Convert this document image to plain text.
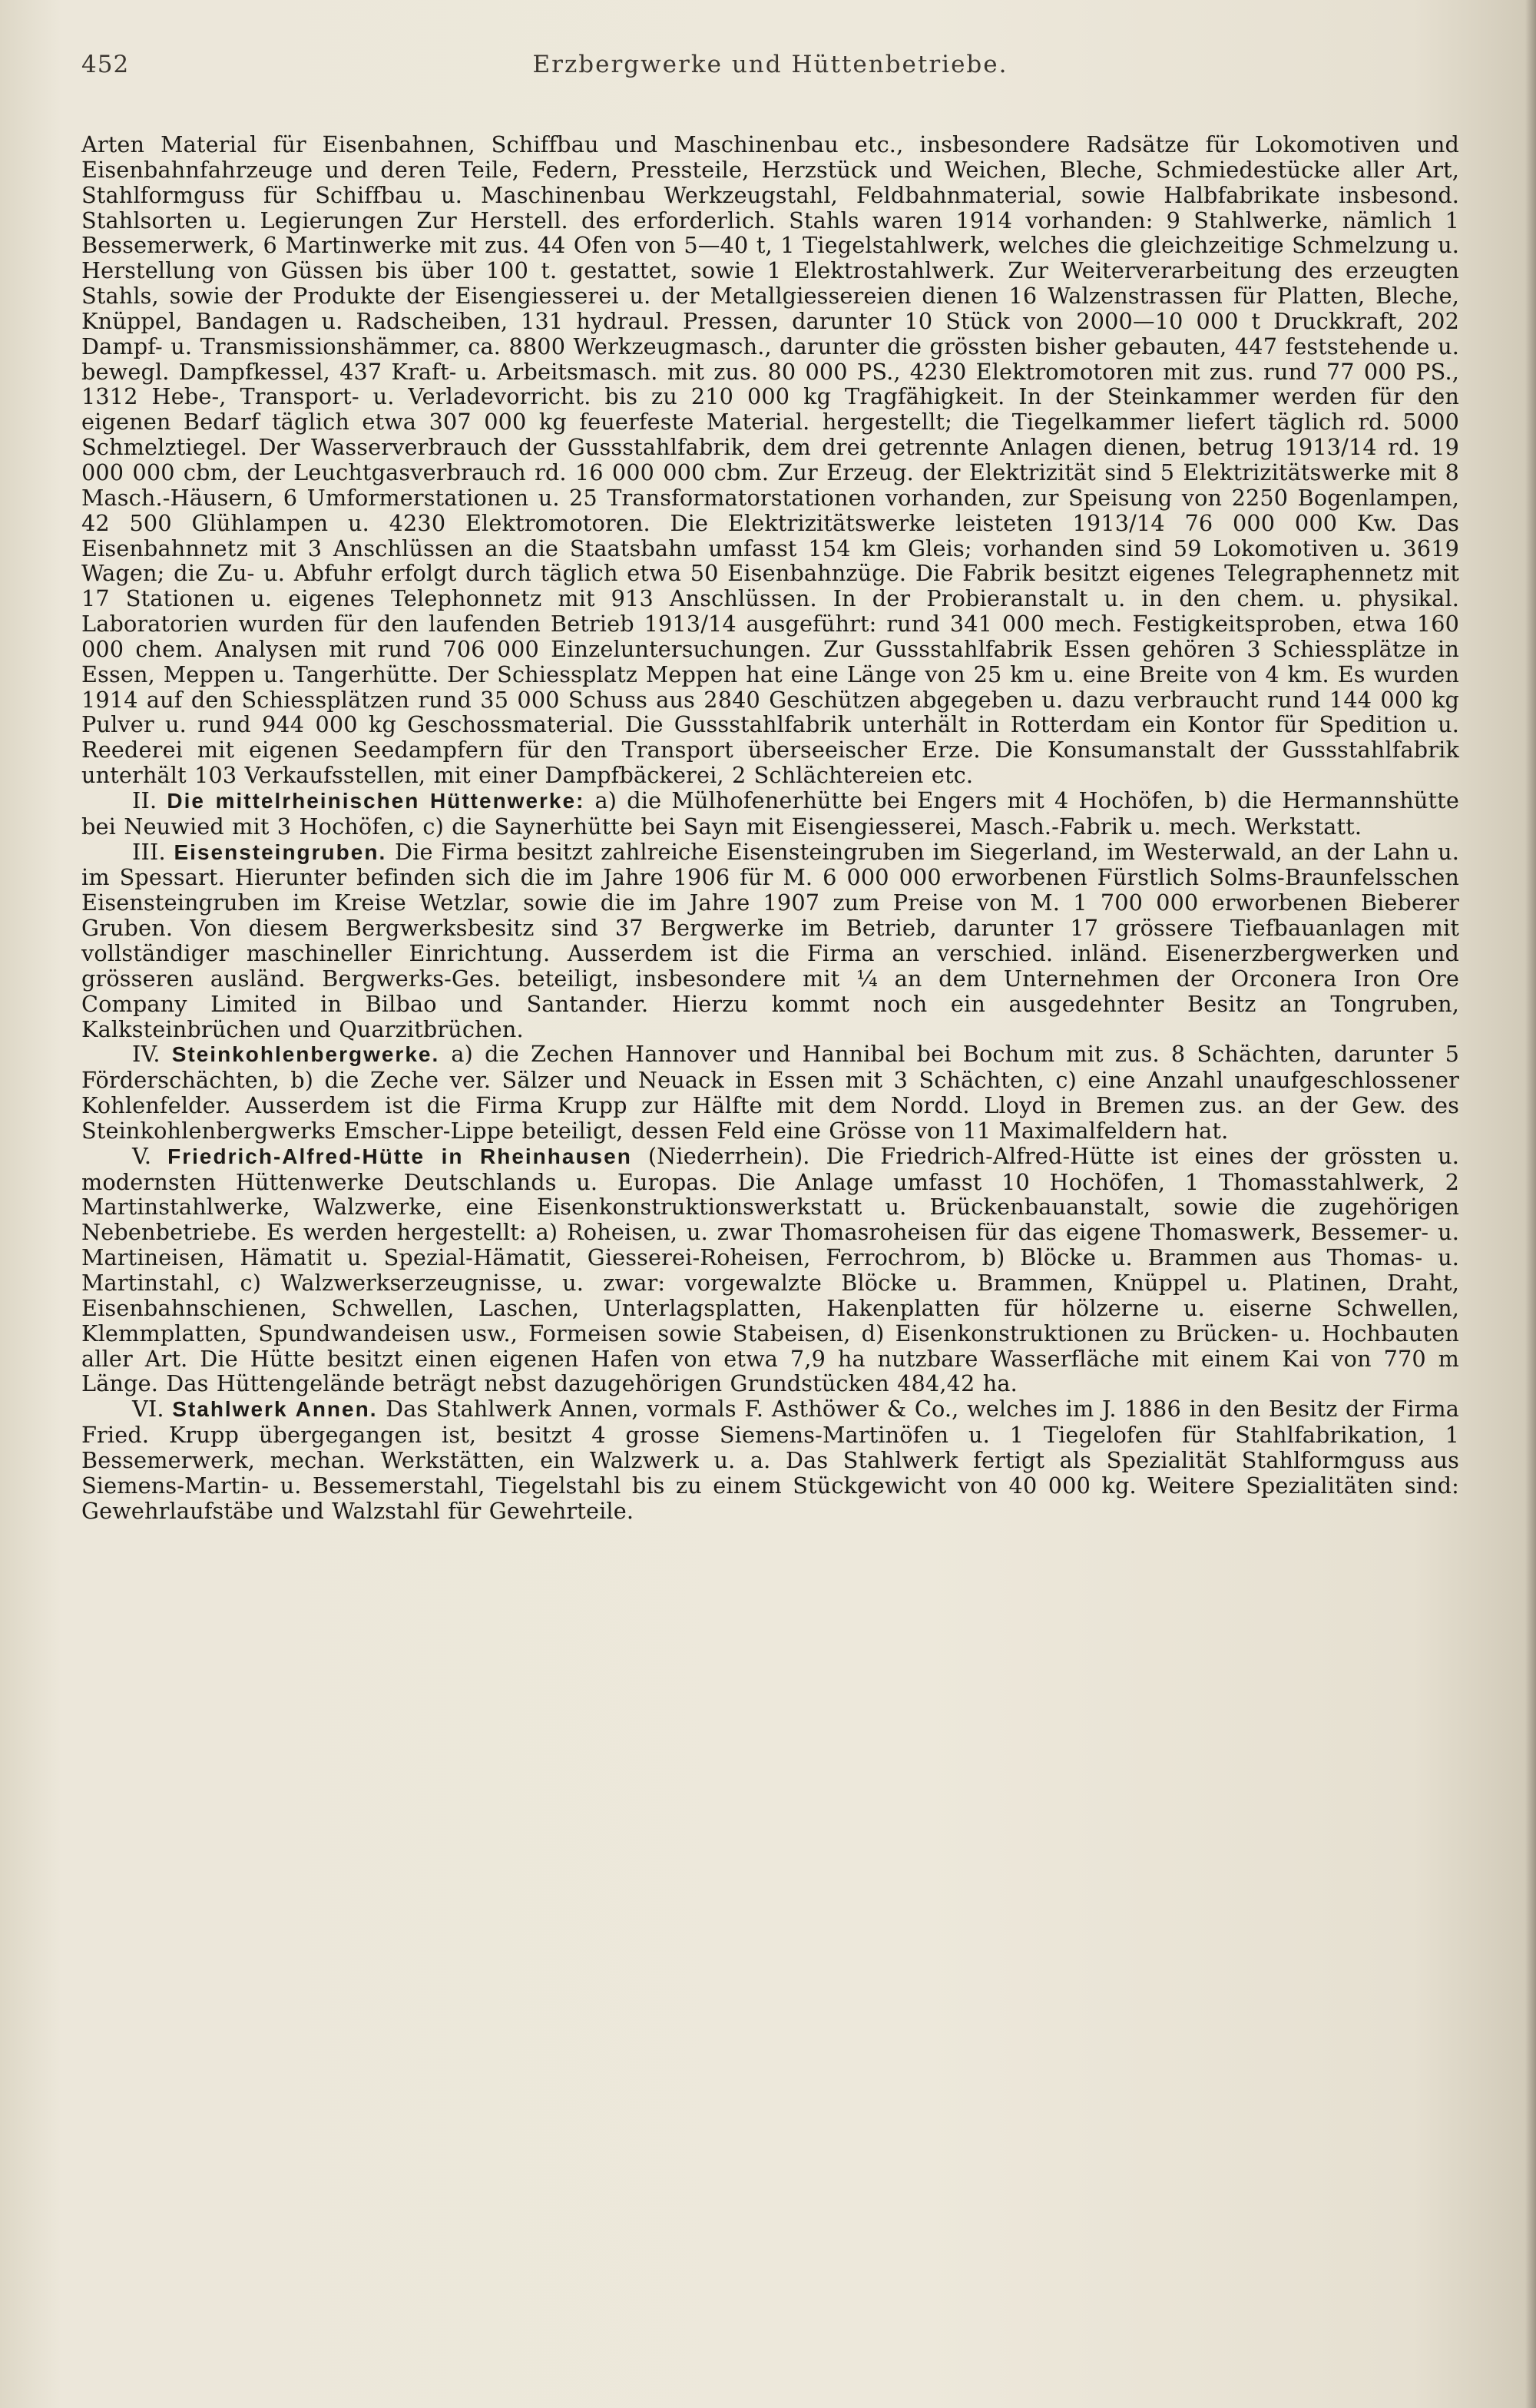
452	Erzbergwerke und Hüttenbetriebe.

Arten Material für Eisenbahnen, Schiffbau und Maschinenbau etc., insbesondere Radsätze für Lokomotiven und Eisenbahnfahrzeuge und deren Teile, Federn, Pressteile, Herzstück und Weichen, Bleche, Schmiedestücke aller Art, Stahlformguss für Schiffbau u. Maschinenbau Werkzeugstahl, Feldbahnmaterial, sowie Halbfabrikate insbesond. Stahlsorten u. Legierungen Zur Herstell. des erforderlich. Stahls waren 1914 vorhanden: 9 Stahlwerke, nämlich 1 Bessemerwerk, 6 Martinwerke mit zus. 44 Ofen von 5—40 t, 1 Tiegelstahlwerk, welches die gleichzeitige Schmelzung u. Herstellung von Güssen bis über 100 t. gestattet, sowie 1 Elektrostahlwerk. Zur Weiterverarbeitung des erzeugten Stahls, sowie der Produkte der Eisengiesserei u. der Metallgiessereien dienen 16 Walzenstrassen für Platten, Bleche, Knüppel, Bandagen u. Radscheiben, 131 hydraul. Pressen, darunter 10 Stück von 2000—10 000 t Druckkraft, 202 Dampf- u. Transmissionshämmer, ca. 8800 Werkzeugmasch., darunter die grössten bisher gebauten, 447 feststehende u. bewegl. Dampfkessel, 437 Kraft- u. Arbeitsmasch. mit zus. 80 000 PS., 4230 Elektromotoren mit zus. rund 77 000 PS., 1312 Hebe-, Transport- u. Verladevorricht. bis zu 210 000 kg Tragfähigkeit. In der Steinkammer werden für den eigenen Bedarf täglich etwa 307 000 kg feuerfeste Material. hergestellt; die Tiegelkammer liefert täglich rd. 5000 Schmelztiegel. Der Wasserverbrauch der Gussstahlfabrik, dem drei getrennte Anlagen dienen, betrug 1913/14 rd. 19 000 000 cbm, der Leuchtgasverbrauch rd. 16 000 000 cbm. Zur Erzeug. der Elektrizität sind 5 Elektrizitätswerke mit 8 Masch.-Häusern, 6 Umformerstationen u. 25 Transformatorstationen vorhanden, zur Speisung von 2250 Bogenlampen, 42 500 Glühlampen u. 4230 Elektromotoren. Die Elektrizitätswerke leisteten 1913/14 76 000 000 Kw. Das Eisenbahnnetz mit 3 Anschlüssen an die Staatsbahn umfasst 154 km Gleis; vorhanden sind 59 Lokomotiven u. 3619 Wagen; die Zu- u. Abfuhr erfolgt durch täglich etwa 50 Eisenbahnzüge. Die Fabrik besitzt eigenes Telegraphennetz mit 17 Stationen u. eigenes Telephonnetz mit 913 Anschlüssen. In der Probieranstalt u. in den chem. u. physikal. Laboratorien wurden für den laufenden Betrieb 1913/14 ausgeführt: rund 341 000 mech. Festigkeitsproben, etwa 160 000 chem. Analysen mit rund 706 000 Einzeluntersuchungen. Zur Gussstahlfabrik Essen gehören 3 Schiessplätze in Essen, Meppen u. Tangerhütte. Der Schiessplatz Meppen hat eine Länge von 25 km u. eine Breite von 4 km. Es wurden 1914 auf den Schiessplätzen rund 35 000 Schuss aus 2840 Geschützen abgegeben u. dazu verbraucht rund 144 000 kg Pulver u. rund 944 000 kg Geschossmaterial. Die Gussstahlfabrik unterhält in Rotterdam ein Kontor für Spedition u. Reederei mit eigenen Seedampfern für den Transport überseeischer Erze. Die Konsumanstalt der Gussstahlfabrik unterhält 103 Verkaufsstellen, mit einer Dampfbäckerei, 2 Schlächtereien etc.

II. Die mittelrheinischen Hüttenwerke: a) die Mülhofenerhütte bei Engers mit 4 Hochöfen, b) die Hermannshütte bei Neuwied mit 3 Hochöfen, c) die Saynerhütte bei Sayn mit Eisengiesserei, Masch.-Fabrik u. mech. Werkstatt.

III. Eisensteingruben. Die Firma besitzt zahlreiche Eisensteingruben im Siegerland, im Westerwald, an der Lahn u. im Spessart. Hierunter befinden sich die im Jahre 1906 für M. 6 000 000 erworbenen Fürstlich Solms-Braunfelsschen Eisensteingruben im Kreise Wetzlar, sowie die im Jahre 1907 zum Preise von M. 1 700 000 erworbenen Bieberer Gruben. Von diesem Bergwerksbesitz sind 37 Bergwerke im Betrieb, darunter 17 grössere Tiefbauanlagen mit vollständiger maschineller Einrichtung. Ausserdem ist die Firma an verschied. inländ. Eisenerzbergwerken und grösseren ausländ. Bergwerks-Ges. beteiligt, insbesondere mit ¼ an dem Unternehmen der Orconera Iron Ore Company Limited in Bilbao und Santander. Hierzu kommt noch ein ausgedehnter Besitz an Tongruben, Kalksteinbrüchen und Quarzitbrüchen.

IV. Steinkohlenbergwerke. a) die Zechen Hannover und Hannibal bei Bochum mit zus. 8 Schächten, darunter 5 Förderschächten, b) die Zeche ver. Sälzer und Neuack in Essen mit 3 Schächten, c) eine Anzahl unaufgeschlossener Kohlenfelder. Ausserdem ist die Firma Krupp zur Hälfte mit dem Nordd. Lloyd in Bremen zus. an der Gew. des Steinkohlenbergwerks Emscher-Lippe beteiligt, dessen Feld eine Grösse von 11 Maximalfeldern hat.

V. Friedrich-Alfred-Hütte in Rheinhausen (Niederrhein). Die Friedrich-Alfred-Hütte ist eines der grössten u. modernsten Hüttenwerke Deutschlands u. Europas. Die Anlage umfasst 10 Hochöfen, 1 Thomasstahlwerk, 2 Martinstahlwerke, Walzwerke, eine Eisenkonstruktionswerkstatt u. Brückenbauanstalt, sowie die zugehörigen Nebenbetriebe. Es werden hergestellt: a) Roheisen, u. zwar Thomasroheisen für das eigene Thomaswerk, Bessemer- u. Martineisen, Hämatit u. Spezial-Hämatit, Giesserei-Roheisen, Ferrochrom, b) Blöcke u. Brammen aus Thomas- u. Martinstahl, c) Walzwerkserzeugnisse, u. zwar: vorgewalzte Blöcke u. Brammen, Knüppel u. Platinen, Draht, Eisenbahnschienen, Schwellen, Laschen, Unterlagsplatten, Hakenplatten für hölzerne u. eiserne Schwellen, Klemmplatten, Spundwandeisen usw., Formeisen sowie Stabeisen, d) Eisenkonstruktionen zu Brücken- u. Hochbauten aller Art. Die Hütte besitzt einen eigenen Hafen von etwa 7,9 ha nutzbare Wasserfläche mit einem Kai von 770 m Länge. Das Hüttengelände beträgt nebst dazugehörigen Grundstücken 484,42 ha.

VI. Stahlwerk Annen. Das Stahlwerk Annen, vormals F. Asthöwer & Co., welches im J. 1886 in den Besitz der Firma Fried. Krupp übergegangen ist, besitzt 4 grosse Siemens-Martinöfen u. 1 Tiegelofen für Stahlfabrikation, 1 Bessemerwerk, mechan. Werkstätten, ein Walzwerk u. a. Das Stahlwerk fertigt als Spezialität Stahlformguss aus Siemens-Martin- u. Bessemerstahl, Tiegelstahl bis zu einem Stückgewicht von 40 000 kg. Weitere Spezialitäten sind: Gewehrlaufstäbe und Walzstahl für Gewehrteile.
